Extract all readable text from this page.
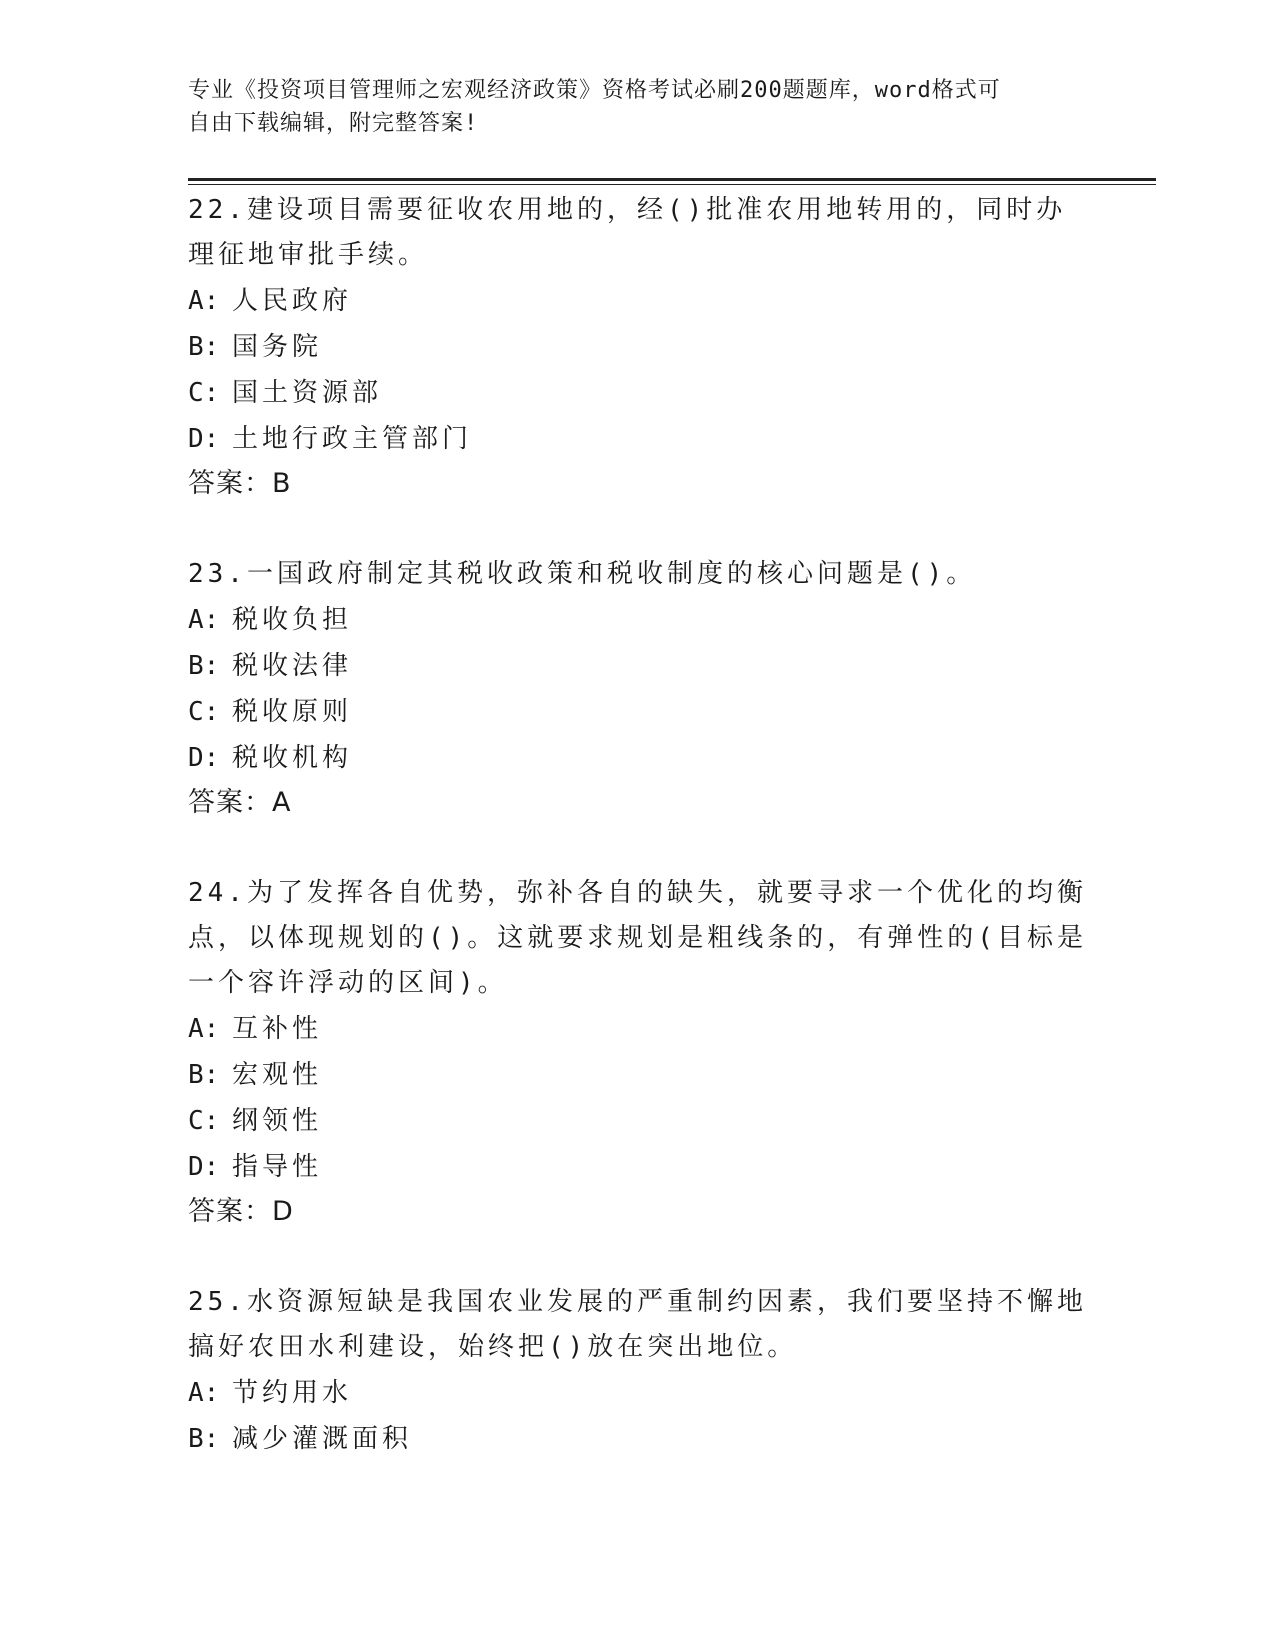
专业《投资项目管理师之宏观经济政策》资格考试必刷200题题库，word格式可
自由下载编辑，附完整答案!

22.建设项目需要征收农用地的，经()批准农用地转用的，同时办理征地审批手续。

A: 人民政府

B: 国务院

C: 国土资源部

D: 土地行政主管部门

答案：B

23.一国政府制定其税收政策和税收制度的核心问题是()。

A: 税收负担

B: 税收法律

C: 税收原则

D: 税收机构

答案：A

24.为了发挥各自优势，弥补各自的缺失，就要寻求一个优化的均衡点，以体现规划的()。这就要求规划是粗线条的，有弹性的(目标是一个容许浮动的区间)。

A: 互补性

B: 宏观性

C: 纲领性

D: 指导性

答案：D

25.水资源短缺是我国农业发展的严重制约因素，我们要坚持不懈地搞好农田水利建设，始终把()放在突出地位。

A: 节约用水

B: 减少灌溉面积
